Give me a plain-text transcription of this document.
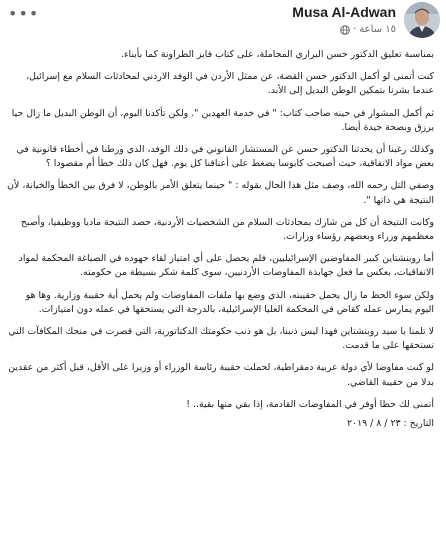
•••	Musa Al-Adwan
١٥ ساعة
·

بمناسبة تعليق الدكتور حسن البراري المجاملة، على كتاب فايز الطراونة كما بأبناء.

كنت أتمنى لو أكمل الدكتور حسن القصة، عن ممثل الأردن في الوفد الاردني لمحادثات السلام مع إسرائيل، عندما بشرنا بتمكين الوطن البديل إلى الأبد.

ثم أكمل المشوار في حينه صاحب كتاب: " في خدمة العهدين ". ولكن تأكدنا اليوم، أن الوطن البديل ما زال حيا يرزق وبصحة جيدة أيضا.

وكذلك رغبنا أن يحدثنا الدكتور حسن عن المستشار القانوني في ذلك الوفد، الذي ورطنا في أخطاء قانونية في بعض مواد الاتفاقية، حيث أصبحت كابوسا يضغط على أعناقنا كل يوم. فهل كان ذلك خطأ أم مقصودا ؟

وصفي التل رحمه الله، وصف مثل هذا الحال بقوله : " حينما يتعلق الأمر بالوطن، لا فرق بين الخطأ والخيانة، لأن النتيجة هي ذاتها ".

وكانت النتيجة أن كل من شارك بمحادثات السلام من الشخصيات الأردنية، حصد النتيجة ماديا ووظيفيا، وأصبح معظمهم وزراء وبعضهم رؤساء وزارات.

أما روبنشتاين كبير المفاوضين الإسرائيليين، فلم يحصل على أي امتياز لقاء جهوده في الصياغة المحكمة لمواد الاتفاقيات، بعكس ما فعل جهابذة المفاوضات الأردنيين، سوى كلمة شكر بسيطة من حكومته.

ولكن سوء الحظ ما زال يحمل حقيبته، الذي وضع بها ملفات المفاوضات ولم يحمل أية حقيبة وزارية. وها هو اليوم يمارس عمله كقاض في المحكمة العليا الإسرائيلية، بالدرجة التي يستحقها في عمله دون امتيازات.

لا تلمنا يا سيد روبنشتاين فهذا ليس ذنبنا، بل هو ذنب حكومتك الدكتاتورية، التي قصرت في منحك المكافآت التي تستحقها على ما قدمت.

لو كنت مفاوضا لأي دولة عربية دمقراطية، لحملت حقيبة رئاسة الوزراء أو وزيرا على الأقل، قبل أكثر من عقدين بدلا من حقيبة القاضي.

أتمنى لك حظا أوفر في المفاوضات القادمة، إذا بقي منها بقية.. !

التاريخ : ٢٣ / ٨ / ٢٠١٩
